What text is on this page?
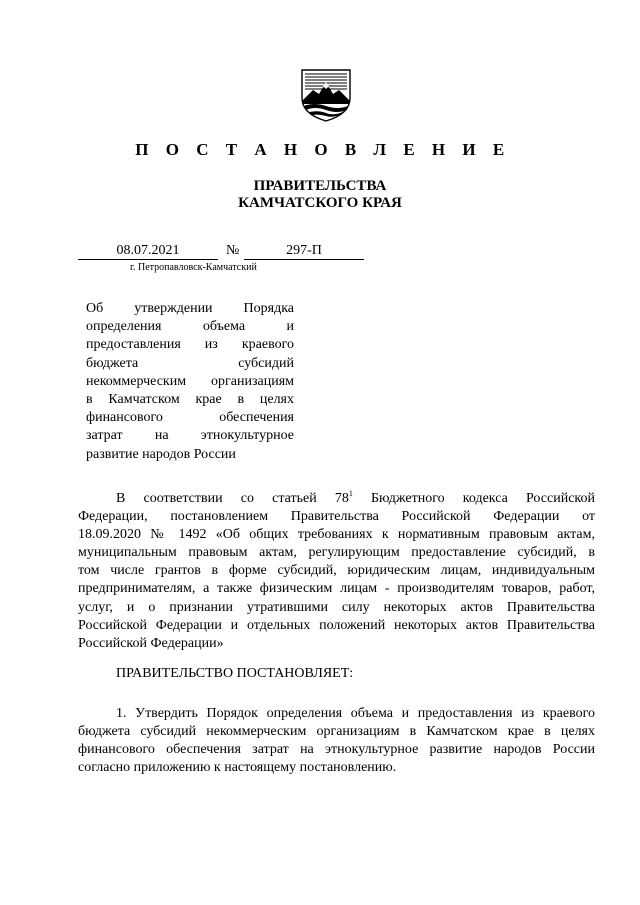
П О С Т А Н О В Л Е Н И Е
ПРАВИТЕЛЬСТВА
КАМЧАТСКОГО КРАЯ
08.07.2021	№	297-П
г. Петропавловск-Камчатский
Об утверждении Порядка
определения объема и
предоставления из краевого
бюджета субсидий
некоммерческим организациям
в Камчатском крае в целях
финансового обеспечения
затрат на этнокультурное
развитие народов России
В соответствии со статьей $78^1$ Бюджетного кодекса Российской
Федерации, постановлением Правительства Российской Федерации от
18.09.2020 № 1492 «Об общих требованиях к нормативным правовым актам,
муниципальным правовым актам, регулирующим предоставление субсидий, в
том числе грантов в форме субсидий, юридическим лицам, индивидуальным
предпринимателям, а также физическим лицам - производителям товаров, работ,
услуг, и о признании утратившими силу некоторых актов Правительства
Российской Федерации и отдельных положений некоторых актов Правительства
Российской Федерации»
ПРАВИТЕЛЬСТВО ПОСТАНОВЛЯЕТ:
1. Утвердить Порядок определения объема и предоставления из краевого
бюджета субсидий некоммерческим организациям в Камчатском крае в целях
финансового обеспечения затрат на этнокультурное развитие народов России
согласно приложению к настоящему постановлению.
